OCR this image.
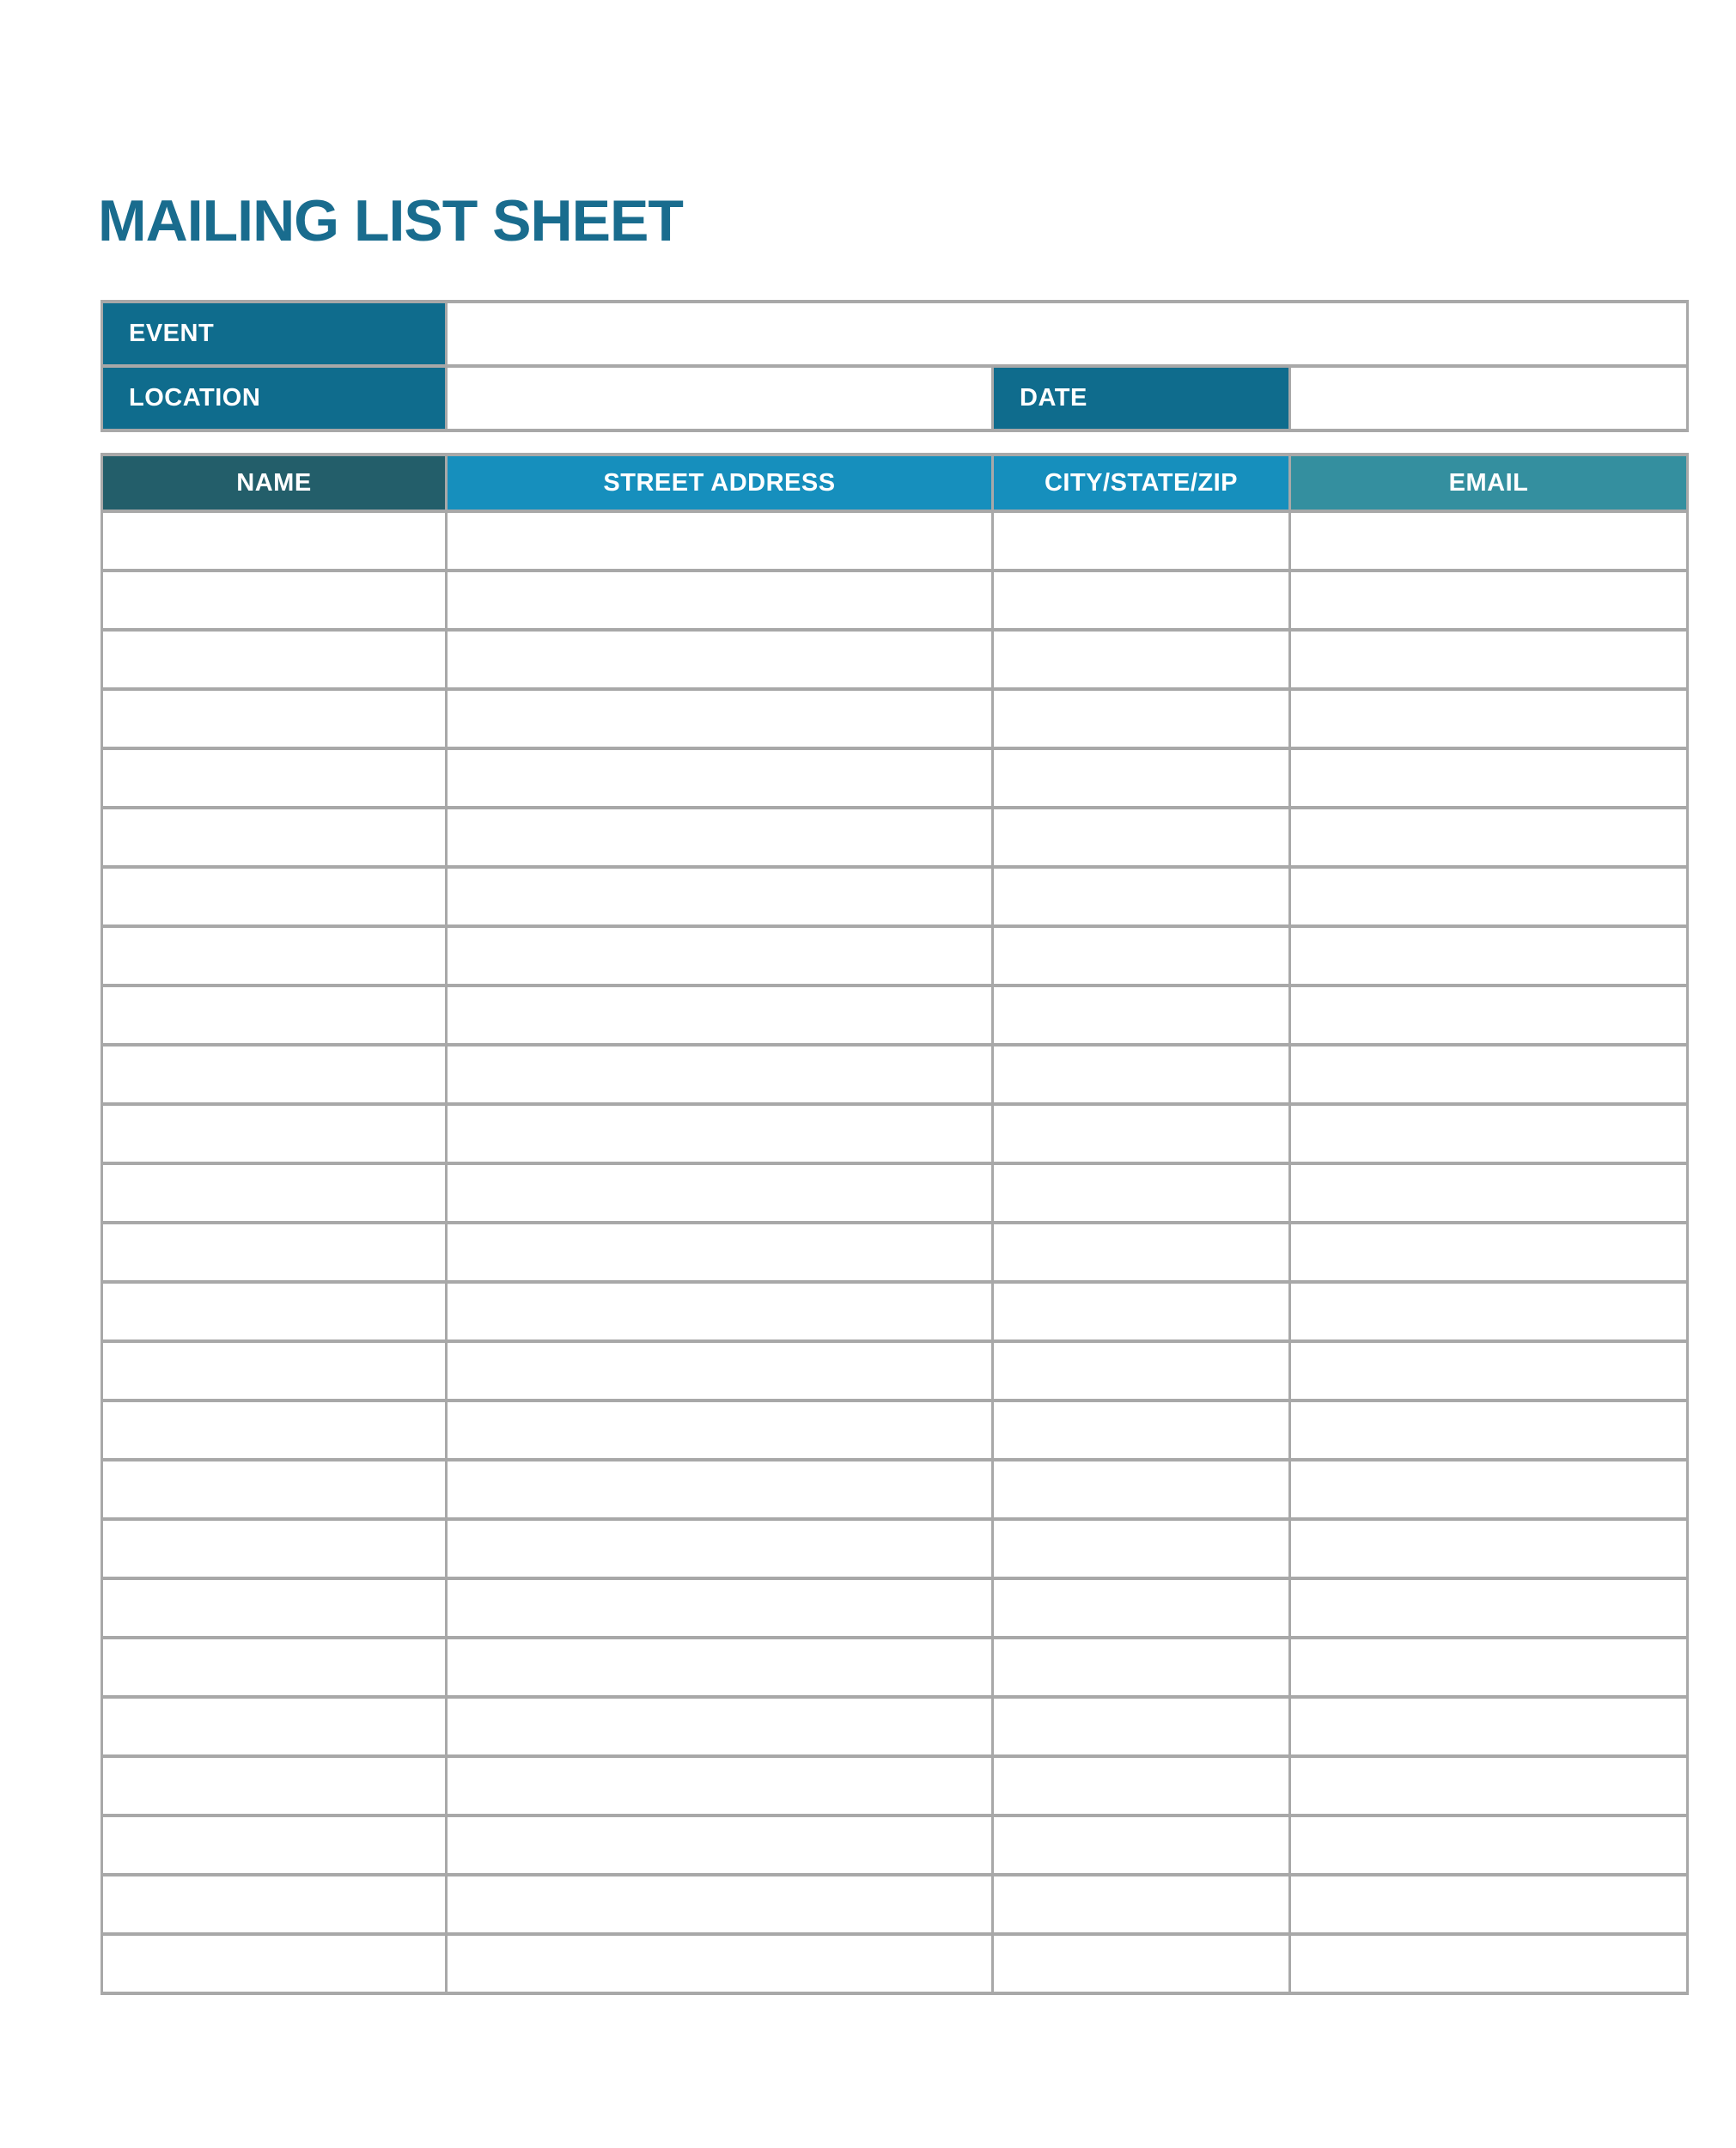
MAILING LIST SHEET
EVENT			
LOCATION		DATE	
NAME	STREET ADDRESS	CITY/STATE/ZIP	EMAIL
